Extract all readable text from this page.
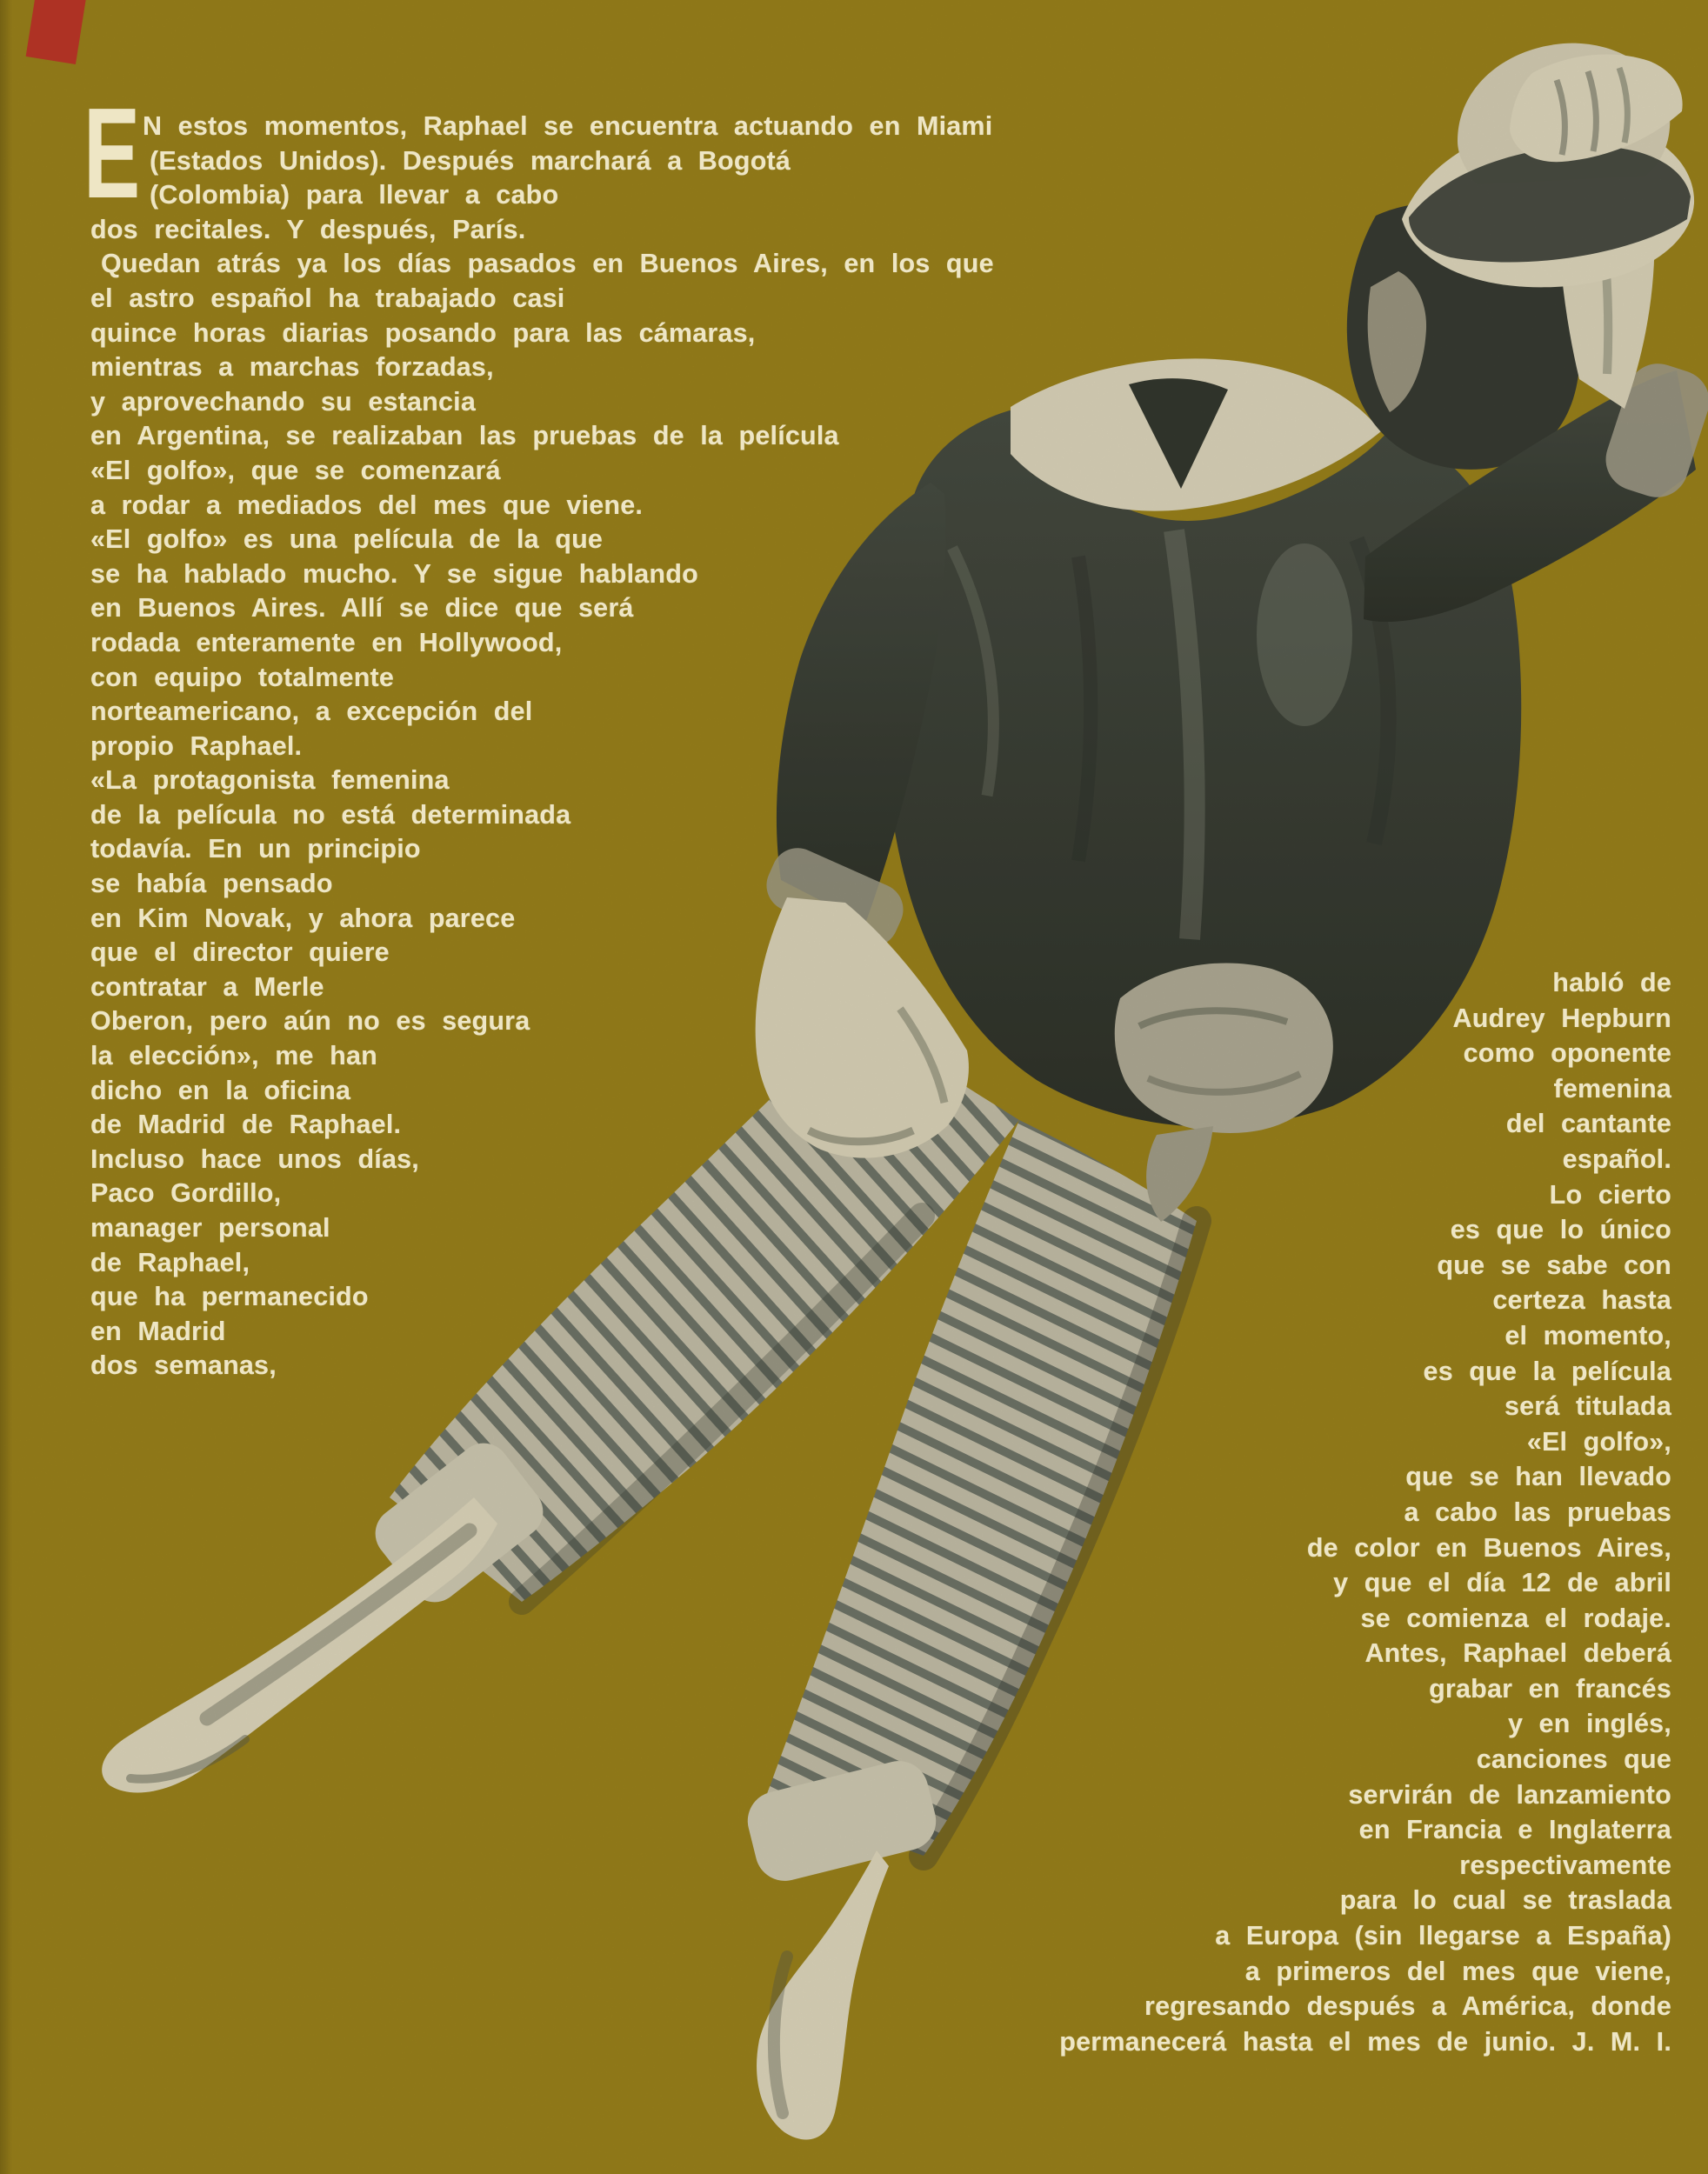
E N estos momentos, Raphael se encuentra actuando en Miami
(Estados Unidos). Después marchará a Bogotá
(Colombia) para llevar a cabo
dos recitales. Y después, París.
Quedan atrás ya los días pasados en Buenos Aires, en los que
el astro español ha trabajado casi
quince horas diarias posando para las cámaras,
mientras a marchas forzadas,
y aprovechando su estancia
en Argentina, se realizaban las pruebas de la película
«El golfo», que se comenzará
a rodar a mediados del mes que viene.
«El golfo» es una película de la que
se ha hablado mucho. Y se sigue hablando
en Buenos Aires. Allí se dice que será
rodada enteramente en Hollywood,
con equipo totalmente
norteamericano, a excepción del
propio Raphael.
«La protagonista femenina
de la película no está determinada
todavía. En un principio
se había pensado
en Kim Novak, y ahora parece
que el director quiere
contratar a Merle
Oberon, pero aún no es segura
la elección», me han
dicho en la oficina
de Madrid de Raphael.
Incluso hace unos días,
Paco Gordillo,
manager personal
de Raphael,
que ha permanecido
en Madrid
dos semanas,
habló de
Audrey Hepburn
como oponente
femenina
del cantante
español.
Lo cierto
es que lo único
que se sabe con
certeza hasta
el momento,
es que la película
será titulada
«El golfo»,
que se han llevado
a cabo las pruebas
de color en Buenos Aires,
y que el día 12 de abril
se comienza el rodaje.
Antes, Raphael deberá
grabar en francés
y en inglés,
canciones que
servirán de lanzamiento
en Francia e Inglaterra
respectivamente
para lo cual se traslada
a Europa (sin llegarse a España)
a primeros del mes que viene,
regresando después a América, donde
permanecerá hasta el mes de junio. J. M. I.
